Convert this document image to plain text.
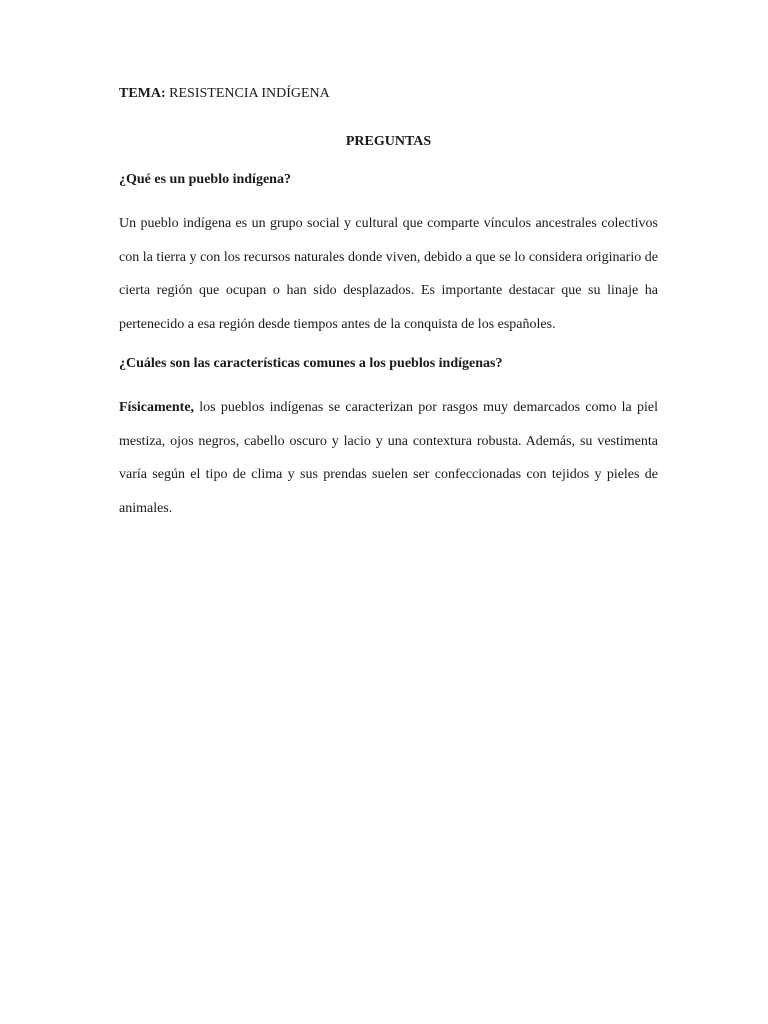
TEMA: RESISTENCIA INDÍGENA

PREGUNTAS

¿Qué es un pueblo indígena?

Un pueblo indígena es un grupo social y cultural que comparte vínculos ancestrales colectivos con la tierra y con los recursos naturales donde viven, debido a que se lo considera originario de cierta región que ocupan o han sido desplazados. Es importante destacar que su linaje ha pertenecido a esa región desde tiempos antes de la conquista de los españoles.

¿Cuáles son las características comunes a los pueblos indígenas?

Físicamente, los pueblos indígenas se caracterizan por rasgos muy demarcados como la piel mestiza, ojos negros, cabello oscuro y lacio y una contextura robusta. Además, su vestimenta varía según el tipo de clima y sus prendas suelen ser confeccionadas con tejidos y pieles de animales.
